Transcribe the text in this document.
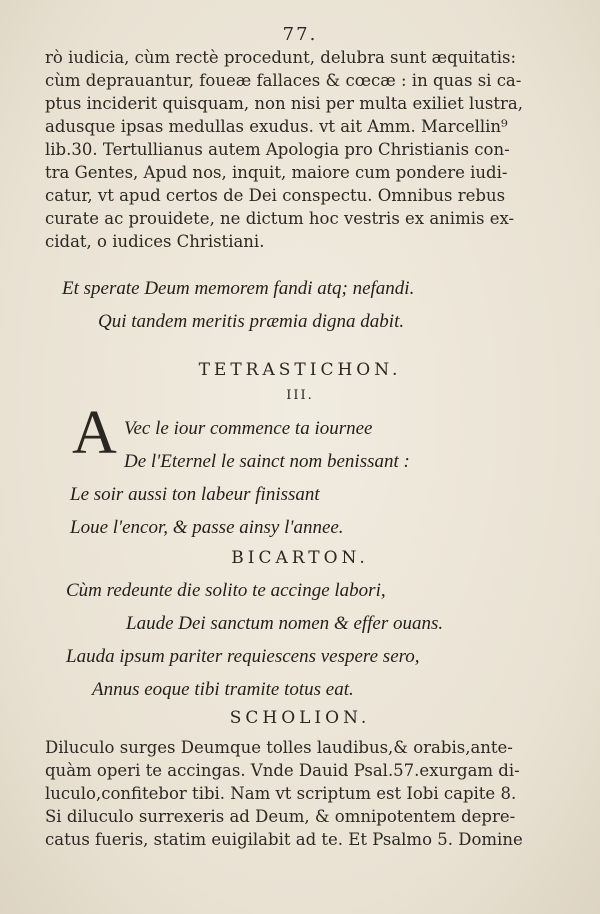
77.
rò iudicia, cùm rectè procedunt, delubra sunt æquitatis:
cùm deprauantur, foueæ fallaces & cœcæ : in quas si ca-
ptus inciderit quisquam, non nisi per multa exiliet lustra,
adusque ipsas medullas exudus. vt ait Amm. Marcellin⁹
lib.30. Tertullianus autem Apologia pro Christianis con-
tra Gentes, Apud nos, inquit, maiore cum pondere iudi-
catur, vt apud certos de Dei conspectu. Omnibus rebus
curate ac prouidete, ne dictum hoc vestris ex animis ex-
cidat, o iudices Christiani.
Et sperate Deum memorem fandi atq; nefandi.
Qui tandem meritis præmia digna dabit.
TETRASTICHON.
III.
A Vec le iour commence ta iournee
De l'Eternel le sainct nom benissant :
Le soir aussi ton labeur finissant
Loue l'encor, & passe ainsy l'annee.
BICARTON.
Cùm redeunte die solito te accinge labori,
Laude Dei sanctum nomen & effer ouans.
Lauda ipsum pariter requiescens vespere sero,
Annus eoque tibi tramite totus eat.
SCHOLION.
Diluculo surges Deumque tolles laudibus,& orabis,ante-
quàm operi te accingas. Vnde Dauid Psal.57.exurgam di-
luculo,confitebor tibi. Nam vt scriptum est Iobi capite 8.
Si diluculo surrexeris ad Deum, & omnipotentem depre-
catus fueris, statim euigilabit ad te. Et Psalmo 5. Domine
